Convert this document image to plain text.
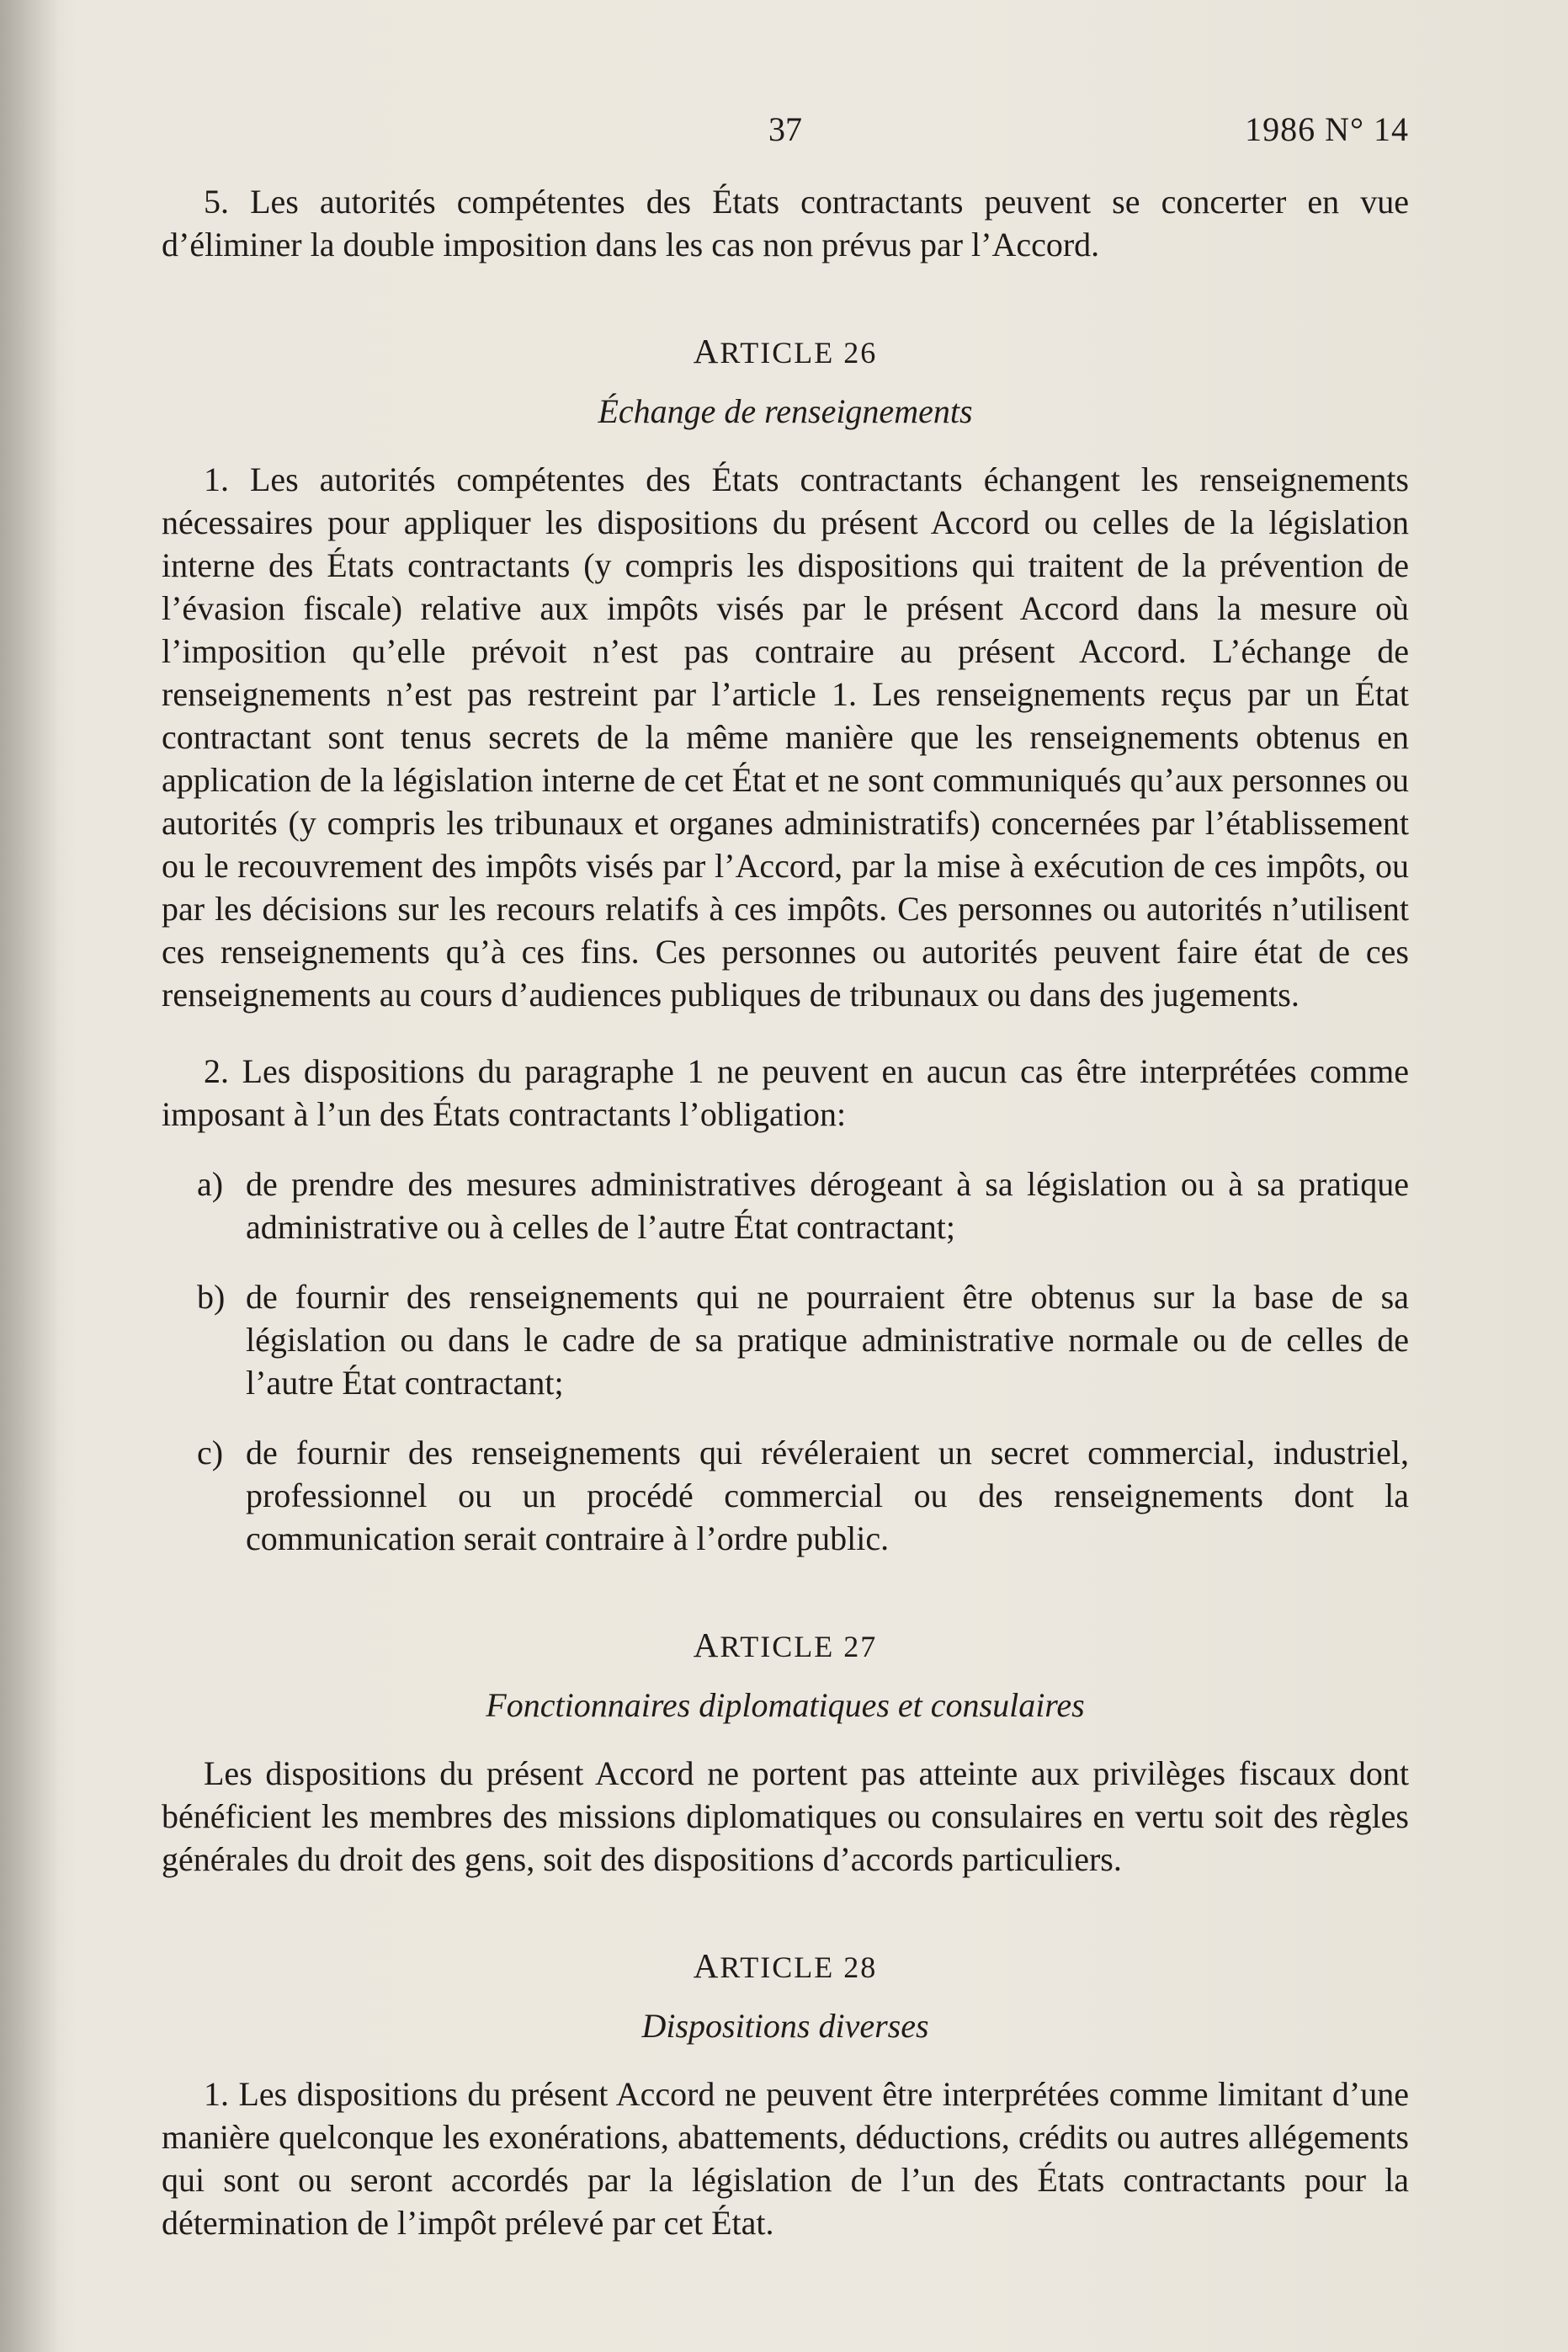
37	1986 N° 14

5. Les autorités compétentes des États contractants peuvent se concerter en vue d’éliminer la double imposition dans les cas non prévus par l’Accord.

ARTICLE 26
Échange de renseignements

1. Les autorités compétentes des États contractants échangent les renseignements nécessaires pour appliquer les dispositions du présent Accord ou celles de la législation interne des États contractants (y compris les dispositions qui traitent de la prévention de l’évasion fiscale) relative aux impôts visés par le présent Accord dans la mesure où l’imposition qu’elle prévoit n’est pas contraire au présent Accord. L’échange de renseignements n’est pas restreint par l’article 1. Les renseignements reçus par un État contractant sont tenus secrets de la même manière que les renseignements obtenus en application de la législation interne de cet État et ne sont communiqués qu’aux personnes ou autorités (y compris les tribunaux et organes administratifs) concernées par l’établissement ou le recouvrement des impôts visés par l’Accord, par la mise à exécution de ces impôts, ou par les décisions sur les recours relatifs à ces impôts. Ces personnes ou autorités n’utilisent ces renseignements qu’à ces fins. Ces personnes ou autorités peuvent faire état de ces renseignements au cours d’audiences publiques de tribunaux ou dans des jugements.

2. Les dispositions du paragraphe 1 ne peuvent en aucun cas être interprétées comme imposant à l’un des États contractants l’obligation:

a) de prendre des mesures administratives dérogeant à sa législation ou à sa pratique administrative ou à celles de l’autre État contractant;
b) de fournir des renseignements qui ne pourraient être obtenus sur la base de sa législation ou dans le cadre de sa pratique administrative normale ou de celles de l’autre État contractant;
c) de fournir des renseignements qui révéleraient un secret commercial, industriel, professionnel ou un procédé commercial ou des renseignements dont la communication serait contraire à l’ordre public.
ARTICLE 27
Fonctionnaires diplomatiques et consulaires

Les dispositions du présent Accord ne portent pas atteinte aux privilèges fiscaux dont bénéficient les membres des missions diplomatiques ou consulaires en vertu soit des règles générales du droit des gens, soit des dispositions d’accords particuliers.

ARTICLE 28
Dispositions diverses

1. Les dispositions du présent Accord ne peuvent être interprétées comme limitant d’une manière quelconque les exonérations, abattements, déductions, crédits ou autres allégements qui sont ou seront accordés par la législation de l’un des États contractants pour la détermination de l’impôt prélevé par cet État.
